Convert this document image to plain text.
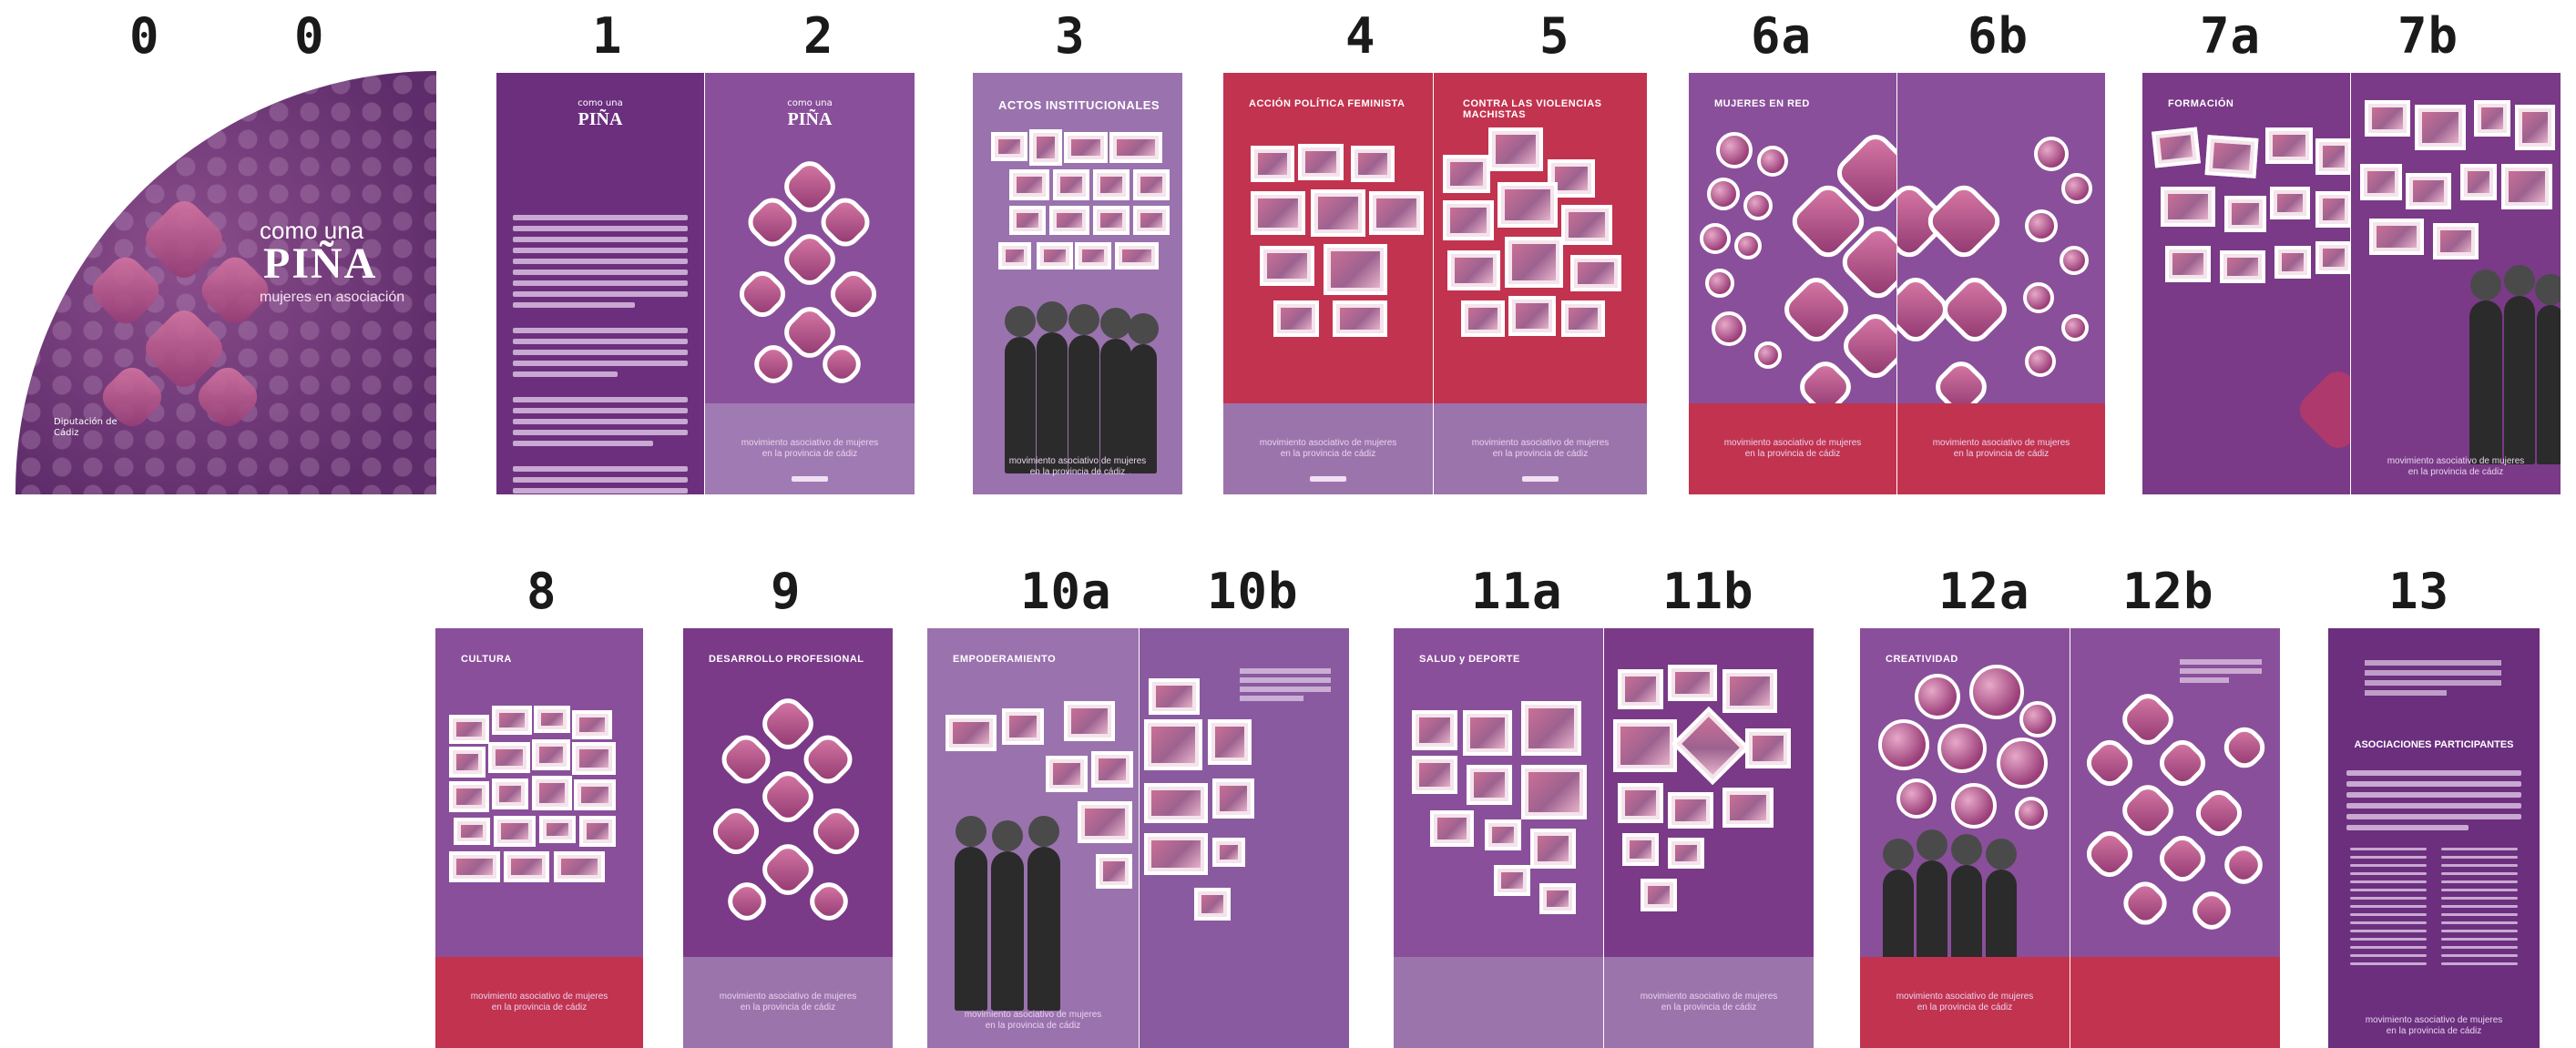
0	0	1	2	3	4	5	6a	6b	7a	7b
8	9	10a 10b	11a 11b	12a 12b	13
como una
PIÑA
mujeres en asociación
Diputación de Cádiz
como una
PIÑA
como una
PIÑA
movimiento asociativo de mujeres
en la provincia de cádiz
ACTOS INSTITUCIONALES
movimiento asociativo de mujeres
en la provincia de cádiz
ACCIÓN POLÍTICA FEMINISTA
movimiento asociativo de mujeres
en la provincia de cádiz
CONTRA LAS VIOLENCIAS MACHISTAS
movimiento asociativo de mujeres
en la provincia de cádiz
MUJERES EN RED
movimiento asociativo de mujeres
en la provincia de cádiz
movimiento asociativo de mujeres
en la provincia de cádiz
FORMACIÓN
movimiento asociativo de mujeres
en la provincia de cádiz
CULTURA
movimiento asociativo de mujeres
en la provincia de cádiz
DESARROLLO PROFESIONAL
movimiento asociativo de mujeres
en la provincia de cádiz
EMPODERAMIENTO
movimiento asociativo de mujeres
en la provincia de cádiz
SALUD y DEPORTE
movimiento asociativo de mujeres
en la provincia de cádiz
CREATIVIDAD
movimiento asociativo de mujeres
en la provincia de cádiz
ASOCIACIONES PARTICIPANTES
movimiento asociativo de mujeres
en la provincia de cádiz
